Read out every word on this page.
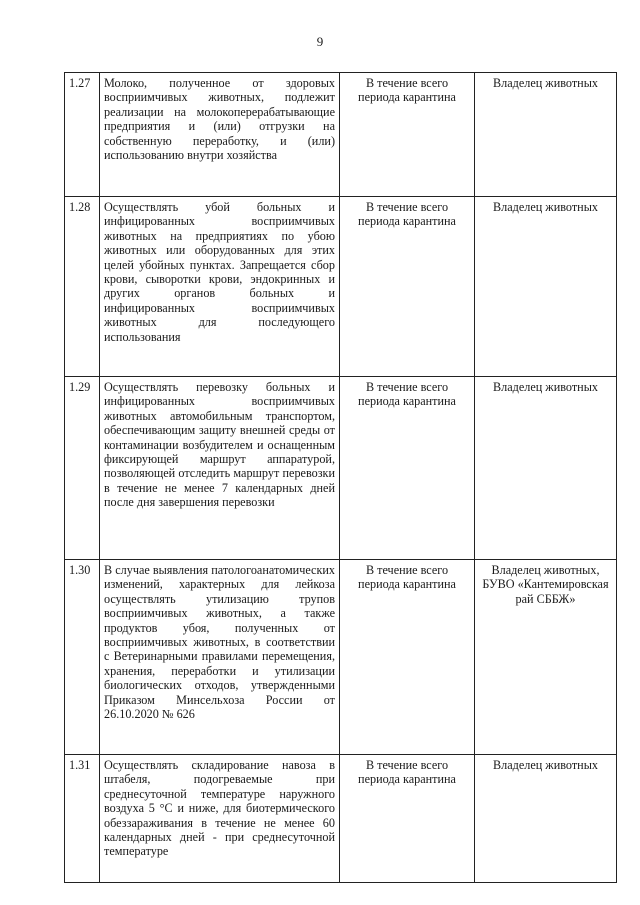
9
1.27	Молоко, полученное от здоровых восприимчивых животных, подлежит реализации на молокоперерабатывающие предприятия и (или) отгрузки на собственную переработку, и (или) использованию внутри хозяйства	В течение всего периода карантина	Владелец животных
1.28	Осуществлять убой больных и инфицированных восприимчивых животных на предприятиях по убою животных или оборудованных для этих целей убойных пунктах. Запрещается сбор крови, сыворотки крови, эндокринных и других органов больных и инфицированных восприимчивых животных для последующего использования	В течение всего периода карантина	Владелец животных
1.29	Осуществлять перевозку больных и инфицированных восприимчивых животных автомобильным транспортом, обеспечивающим защиту внешней среды от контаминации возбудителем и оснащенным фиксирующей маршрут аппаратурой, позволяющей отследить маршрут перевозки в течение не менее 7 календарных дней после дня завершения перевозки	В течение всего периода карантина	Владелец животных
1.30	В случае выявления патологоанатомических изменений, характерных для лейкоза осуществлять утилизацию трупов восприимчивых животных, а также продуктов убоя, полученных от восприимчивых животных, в соответствии с Ветеринарными правилами перемещения, хранения, переработки и утилизации биологических отходов, утвержденными Приказом Минсельхоза России от 26.10.2020 № 626	В течение всего периода карантина	Владелец животных, БУВО «Кантемировская рай СББЖ»
1.31	Осуществлять складирование навоза в штабеля, подогреваемые при среднесуточной температуре наружного воздуха 5 °С и ниже, для биотермического обеззараживания в течение не менее 60 календарных дней - при среднесуточной температуре	В течение всего периода карантина	Владелец животных
